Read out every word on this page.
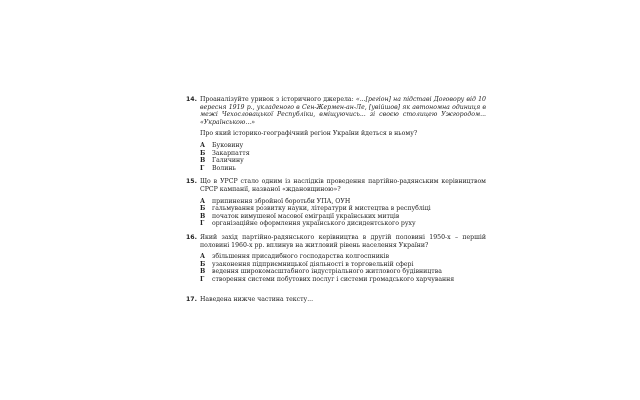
14. Проаналізуйте уривок з історичного джерела: «...[регіон] на підставі Договору від 10 вересня 1919 р., укладеного в Сен-Жермен-ан-Ле, [увійшов] як автономна одиниця в межі Чехословацької Республіки, вміщуючись... зі своєю столицею Ужгородом... «Українською...»
Про який історико-географічний регіон України йдеться в ньому?
А	Буковину
Б	Закарпаття
В	Галичину
Г	Волинь
15. Що в УРСР стало одним із наслідків проведення партійно-радянським керівництвом СРСР кампанії, названої «ждановщиною»?
А	припинення збройної боротьби УПА, ОУН
Б	гальмування розвитку науки, літератури й мистецтва в республіці
В	початок вимушеної масової еміграції українських митців
Г	організаційне оформлення українського дисидентського руху
16. Який захід партійно-радянського керівництва в другій половині 1950-х – першій половині 1960-х рр. вплинув на житловий рівень населення України?
А	збільшення присадибного господарства колгоспників
Б	узаконення підприємницької діяльності в торговельній сфері
В	ведення широкомасштабного індустріального житлового будівництва
Г	створення системи побутових послуг і системи громадського харчування
17. Наведена нижче частина тексту...
